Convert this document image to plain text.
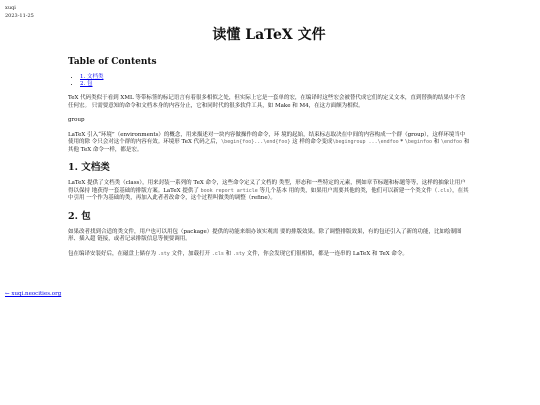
xuqi
2023-11-25
读懂 LaTeX 文件
Table of Contents
• 1. 文档类
• 2. 包

TeX 代码类似于看到 XML 等带标签的标记语言有着很多相似之处，但实际上它是一套单的宏，在编译时这些宏会被替代成它们的定义文本，直到替换的结果中不含任何宏。 只需要意知的命令和文档本身的内容分止，它和同时代的很多软件工具，如 Make 和 M4，在这方面颇为相似。

group

LaTeX 引入“环境”（environments）的概念，用来描述对一块内容做操作的命令，环 境的起始，结束标志取决在中间的内容构成一个群（group），这样环境当中使用的除 令只会对这个群的内容有效。环境形 TeX 代码之后，\begin{foo}...\end{foo} 这 样的命令变成\begingroup ...\endfoo * \beginfoo 和 \endfoo 和其他 TeX 命令一样，都是宏。

1. 文档类

LaTeX 提供了文档类（class），用来封装一系列的 TeX 命令，这些命令定义了文档的 类型，形态和一些特定的元素，例如章节标题和标题等等，这样的抽象让用户得以保持 地获得一套基础的排版方案。LaTeX 提供了 book report article 等几个基本 用的类，如果用户需要其他的类，他们可以新建一个类文件（.cls），在其中引用 一个作为基础的类，再加入此者者改命令，这个过程叫做类的调整（refine）。

2. 包

如果改者找到合适的类文件，用户也可以用包（package）提供的功能来细办该实观需 要的排版效果。除了调整排版效果，有的包还引入了新的功能，比如绘制图形、插入超 链接，或者记录排版信息等便要调用。

包在编译安装好后，在磁盘上储存为 .sty 文件，加载打开 .cls 和 .sty 文件，你会发现它们很相似，都是一连串的 LaTeX 和 TeX 命令。

← xuqi.neocities.org
